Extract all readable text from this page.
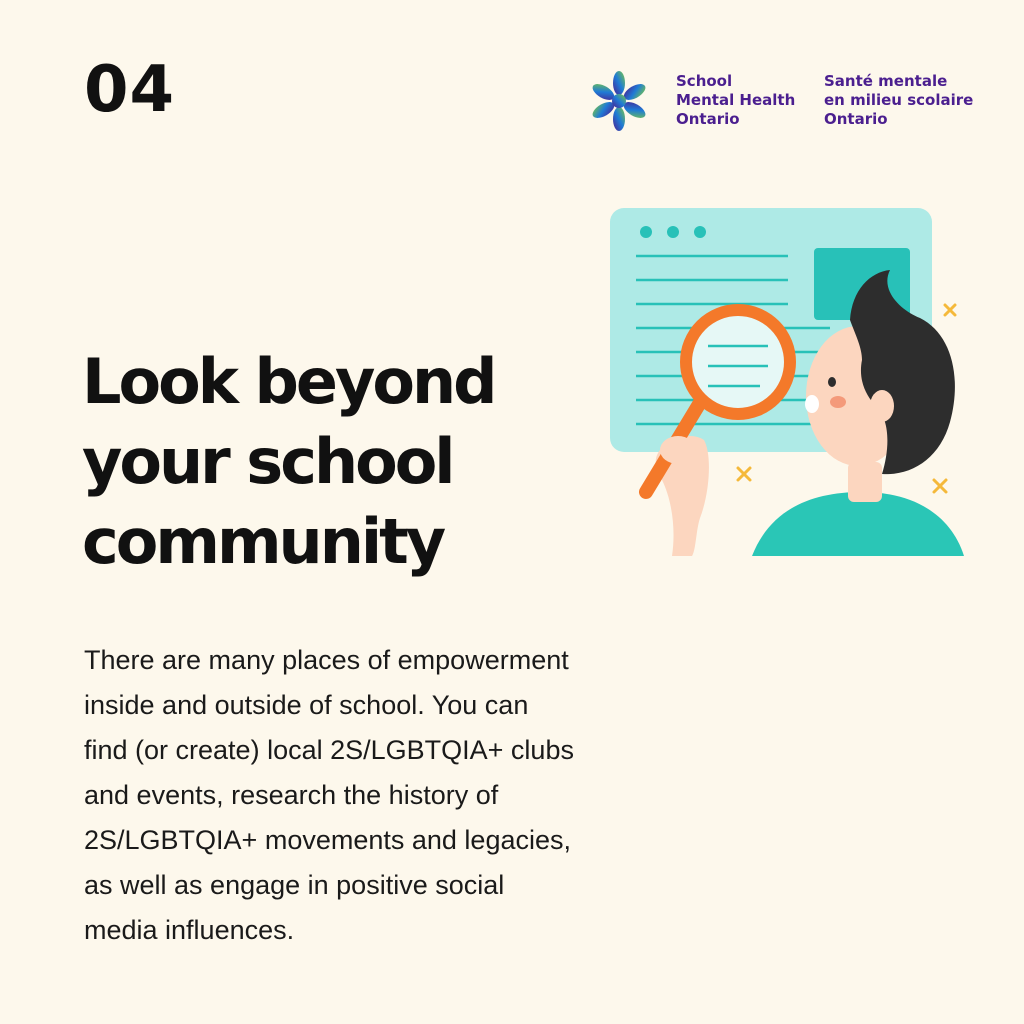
04	School
Mental Health
Ontario
Santé mentale
en milieu scolaire
Ontario
Look beyond
your school
community
There are many places of empowerment
inside and outside of school. You can
find (or create) local 2S/LGBTQIA+ clubs
and events, research the history of
2S/LGBTQIA+ movements and legacies,
as well as engage in positive social
media influences.
